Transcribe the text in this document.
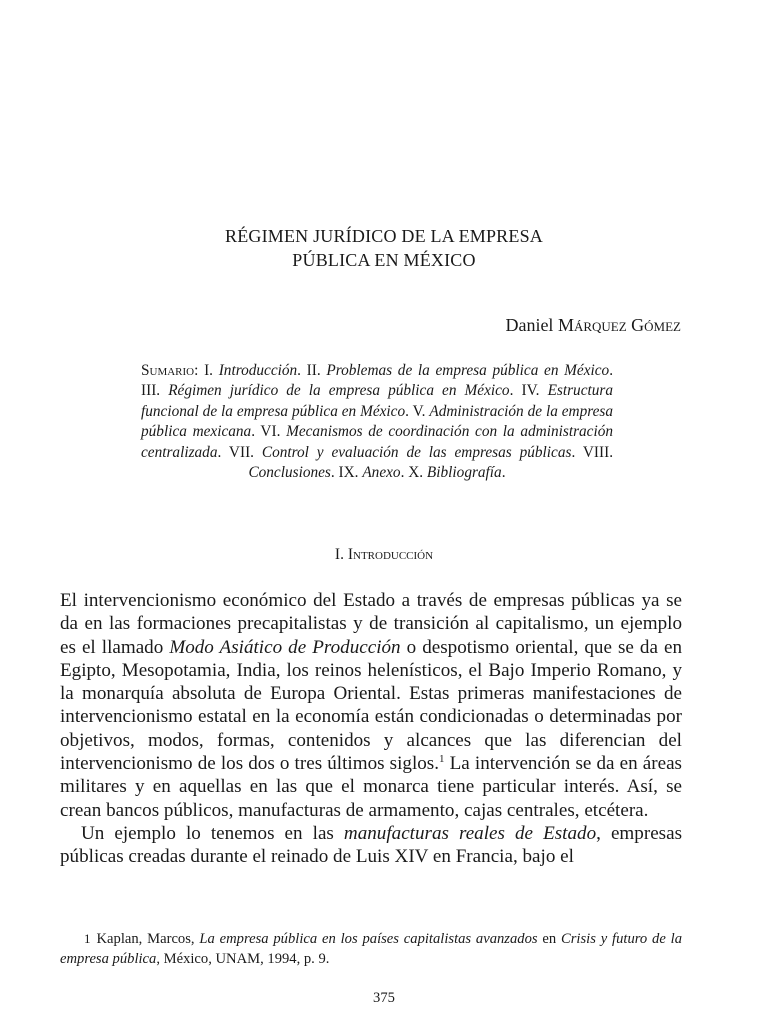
RÉGIMEN JURÍDICO DE LA EMPRESA
PÚBLICA EN MÉXICO
Daniel Márquez Gómez
Sumario: I. Introducción. II. Problemas de la empresa pública en México. III. Régimen jurídico de la empresa pública en México. IV. Estructura funcional de la empresa pública en México. V. Administración de la empresa pública mexicana. VI. Mecanismos de coordinación con la administración centralizada. VII. Control y evaluación de las empresas públicas. VIII. Conclusiones. IX. Anexo. X. Bibliografía.
I. Introducción

El intervencionismo económico del Estado a través de empresas públicas ya se da en las formaciones precapitalistas y de transición al capitalismo, un ejemplo es el llamado Modo Asiático de Producción o despotismo oriental, que se da en Egipto, Mesopotamia, India, los reinos helenísticos, el Bajo Imperio Romano, y la monarquía absoluta de Europa Oriental. Estas primeras manifestaciones de intervencionismo estatal en la economía están condicionadas o determinadas por objetivos, modos, formas, contenidos y alcances que las diferencian del intervencionismo de los dos o tres últimos siglos.$^1$ La intervención se da en áreas militares y en aquellas en las que el monarca tiene particular interés. Así, se crean bancos públicos, manufacturas de armamento, cajas centrales, etcétera.

Un ejemplo lo tenemos en las manufacturas reales de Estado, empresas públicas creadas durante el reinado de Luis XIV en Francia, bajo el

1 Kaplan, Marcos, La empresa pública en los países capitalistas avanzados en Crisis y futuro de la empresa pública, México, UNAM, 1994, p. 9.

375
